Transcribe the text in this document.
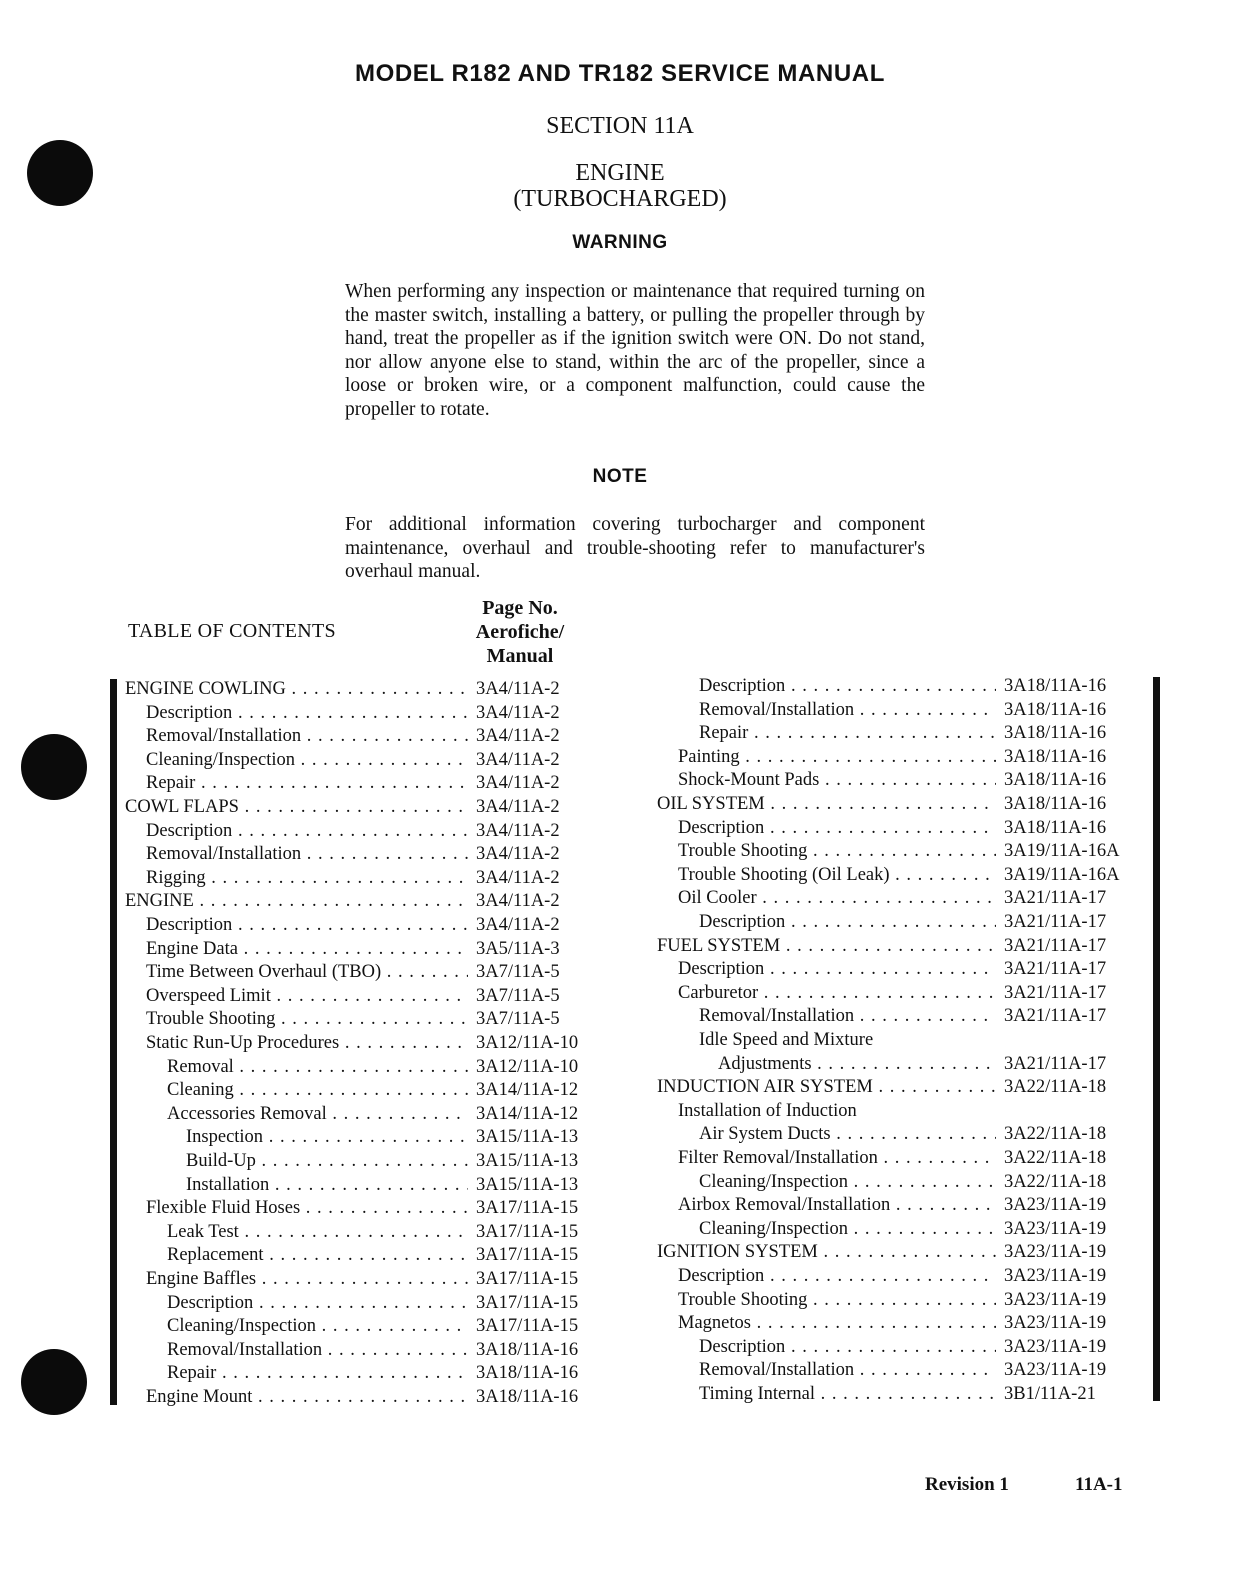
MODEL R182 AND TR182 SERVICE MANUAL
SECTION 11A
ENGINE
(TURBOCHARGED)
WARNING
When performing any inspection or maintenance that required turning on the master switch, installing a battery, or pulling the propeller through by hand, treat the propeller as if the ignition switch were ON. Do not stand, nor allow anyone else to stand, within the arc of the propeller, since a loose or broken wire, or a component malfunction, could cause the propeller to rotate.
NOTE
For additional information covering turbocharger and component maintenance, overhaul and trouble-shooting refer to manufacturer's overhaul manual.
TABLE OF CONTENTS
Page No.
Aerofiche/
Manual
ENGINE COWLING . . .	3A4/11A-2
Description . . .	3A4/11A-2
Removal/Installation . . .	3A4/11A-2
Cleaning/Inspection . . .	3A4/11A-2
Repair . . .	3A4/11A-2
COWL FLAPS . . .	3A4/11A-2
Description . . .	3A4/11A-2
Removal/Installation . . .	3A4/11A-2
Rigging . . .	3A4/11A-2
ENGINE . . .	3A4/11A-2
Description . . .	3A4/11A-2
Engine Data . . .	3A5/11A-3
Time Between Overhaul (TBO) . . .	3A7/11A-5
Overspeed Limit . . .	3A7/11A-5
Trouble Shooting . . .	3A7/11A-5
Static Run-Up Procedures . . .	3A12/11A-10
Removal . . .	3A12/11A-10
Cleaning . . .	3A14/11A-12
Accessories Removal . . .	3A14/11A-12
Inspection . . .	3A15/11A-13
Build-Up . . .	3A15/11A-13
Installation . . .	3A15/11A-13
Flexible Fluid Hoses . . .	3A17/11A-15
Leak Test . . .	3A17/11A-15
Replacement . . .	3A17/11A-15
Engine Baffles . . .	3A17/11A-15
Description . . .	3A17/11A-15
Cleaning/Inspection . . .	3A17/11A-15
Removal/Installation . . .	3A18/11A-16
Repair . . .	3A18/11A-16
Engine Mount . . .	3A18/11A-16
Description . . .	3A18/11A-16
Removal/Installation . . .	3A18/11A-16
Repair . . .	3A18/11A-16
Painting . . .	3A18/11A-16
Shock-Mount Pads . . .	3A18/11A-16
OIL SYSTEM . . .	3A18/11A-16
Description . . .	3A18/11A-16
Trouble Shooting . . .	3A19/11A-16A
Trouble Shooting (Oil Leak) . . .	3A19/11A-16A
Oil Cooler . . .	3A21/11A-17
Description . . .	3A21/11A-17
FUEL SYSTEM . . .	3A21/11A-17
Description . . .	3A21/11A-17
Carburetor . . .	3A21/11A-17
Removal/Installation . . .	3A21/11A-17
Idle Speed and Mixture
Adjustments . . .	3A21/11A-17
INDUCTION AIR SYSTEM . . .	3A22/11A-18
Installation of Induction
Air System Ducts . . .	3A22/11A-18
Filter Removal/Installation . . .	3A22/11A-18
Cleaning/Inspection . . .	3A22/11A-18
Airbox Removal/Installation . . .	3A23/11A-19
Cleaning/Inspection . . .	3A23/11A-19
IGNITION SYSTEM . . .	3A23/11A-19
Description . . .	3A23/11A-19
Trouble Shooting . . .	3A23/11A-19
Magnetos . . .	3A23/11A-19
Description . . .	3A23/11A-19
Removal/Installation . . .	3A23/11A-19
Timing Internal . . .	3B1/11A-21
Revision 1	11A-1
